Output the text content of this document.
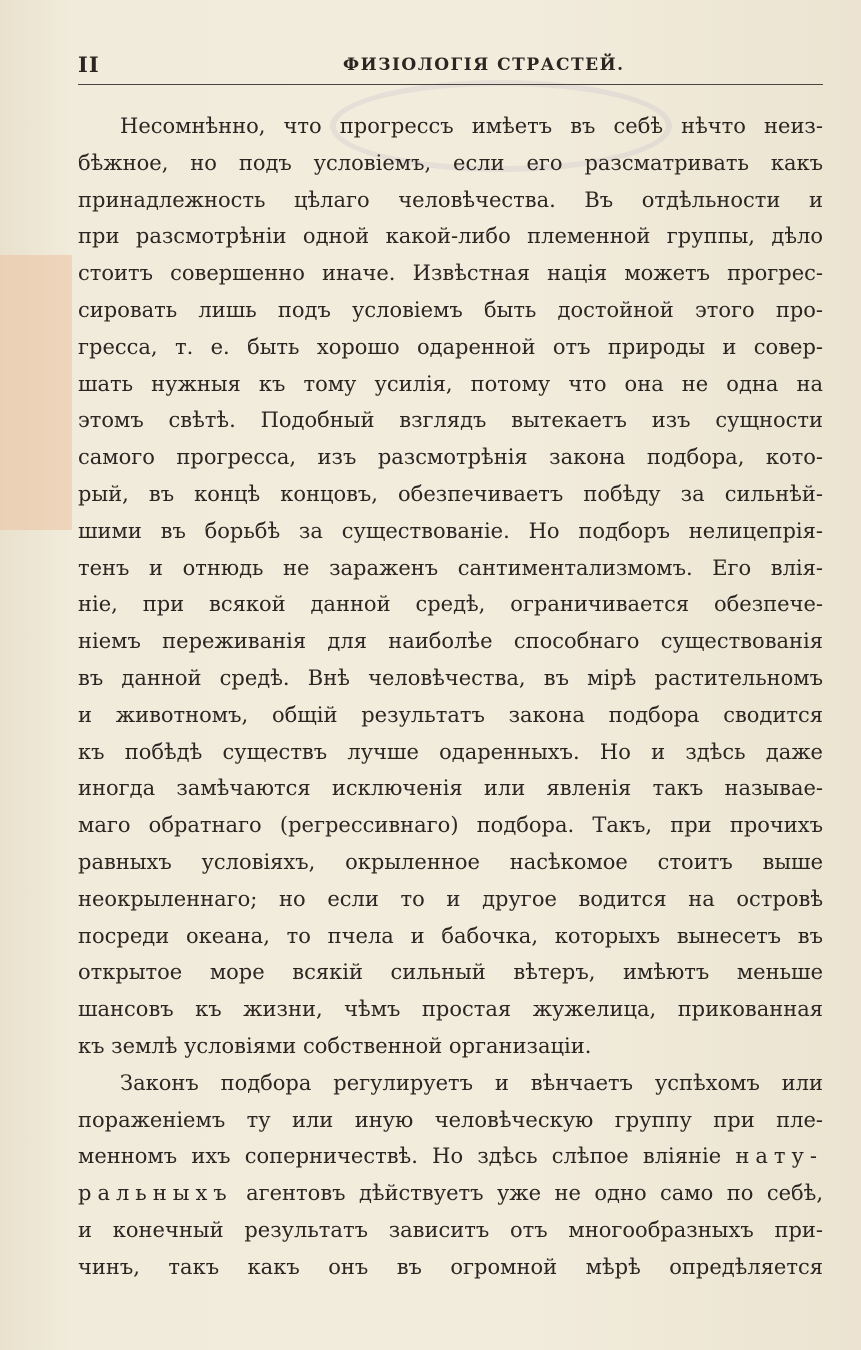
II	ФИЗІОЛОГІЯ СТРАСТЕЙ.
Несомнѣнно, что прогрессъ имѣетъ въ себѣ нѣчто неиз-
бѣжное, но подъ условіемъ, если его разсматривать какъ
принадлежность цѣлаго человѣчества. Въ отдѣльности и
при разсмотрѣніи одной какой-либо племенной группы, дѣло
стоитъ совершенно иначе. Извѣстная нація можетъ прогрес-
сировать лишь подъ условіемъ быть достойной этого про-
гресса, т. е. быть хорошо одаренной отъ природы и совер-
шать нужныя къ тому усилія, потому что она не одна на
этомъ свѣтѣ. Подобный взглядъ вытекаетъ изъ сущности
самого прогресса, изъ разсмотрѣнія закона подбора, кото-
рый, въ концѣ концовъ, обезпечиваетъ побѣду за сильнѣй-
шими въ борьбѣ за существованіе. Но подборъ нелицепрія-
тенъ и отнюдь не зараженъ сантиментализмомъ. Его влія-
ніе, при всякой данной средѣ, ограничивается обезпече-
ніемъ переживанія для наиболѣе способнаго существованія
въ данной средѣ. Внѣ человѣчества, въ мірѣ растительномъ
и животномъ, общій результатъ закона подбора сводится
къ побѣдѣ существъ лучше одаренныхъ. Но и здѣсь даже
иногда замѣчаются исключенія или явленія такъ называе-
маго обратнаго (регрессивнаго) подбора. Такъ, при прочихъ
равныхъ условіяхъ, окрыленное насѣкомое стоитъ выше
неокрыленнаго; но если то и другое водится на островѣ
посреди океана, то пчела и бабочка, которыхъ вынесетъ въ
открытое море всякій сильный вѣтеръ, имѣютъ меньше
шансовъ къ жизни, чѣмъ простая жужелица, прикованная
къ землѣ условіями собственной организаціи.
Законъ подбора регулируетъ и вѣнчаетъ успѣхомъ или
пораженіемъ ту или иную человѣческую группу при пле-
менномъ ихъ соперничествѣ. Но здѣсь слѣпое вліяніе нату-
ральныхъ агентовъ дѣйствуетъ уже не одно само по себѣ,
и конечный результатъ зависитъ отъ многообразныхъ при-
чинъ, такъ какъ онъ въ огромной мѣрѣ опредѣляется
